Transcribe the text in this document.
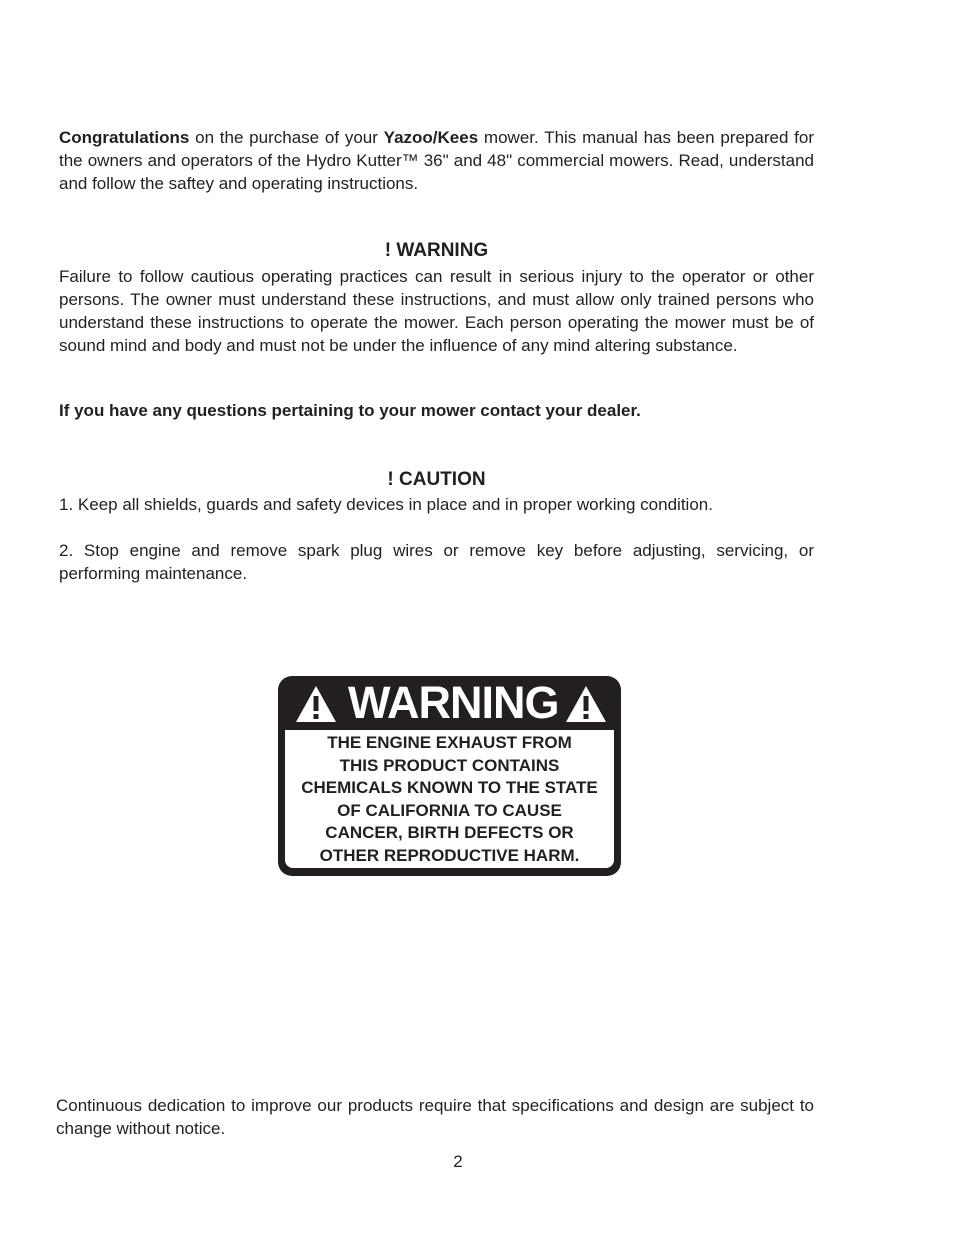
Congratulations on the purchase of your Yazoo/Kees mower. This manual has been prepared for the owners and operators of the Hydro Kutter™ 36" and 48" commercial mowers. Read, understand and follow the saftey and operating instructions.

! WARNING

Failure to follow cautious operating practices can result in serious injury to the operator or other persons. The owner must understand these instructions, and must allow only trained persons who understand these instructions to operate the mower. Each person operating the mower must be of sound mind and body and must not be under the influence of any mind altering substance.

If you have any questions pertaining to your mower contact your dealer.

! CAUTION

1. Keep all shields, guards and safety devices in place and in proper working condition.

2. Stop engine and remove spark plug wires or remove key before adjusting, servicing, or performing maintenance.

WARNING
THE ENGINE EXHAUST FROM
THIS PRODUCT CONTAINS
CHEMICALS KNOWN TO THE STATE
OF CALIFORNIA TO CAUSE
CANCER, BIRTH DEFECTS OR
OTHER REPRODUCTIVE HARM.

Continuous dedication to improve our products require that specifications and design are subject to change without notice.

2
